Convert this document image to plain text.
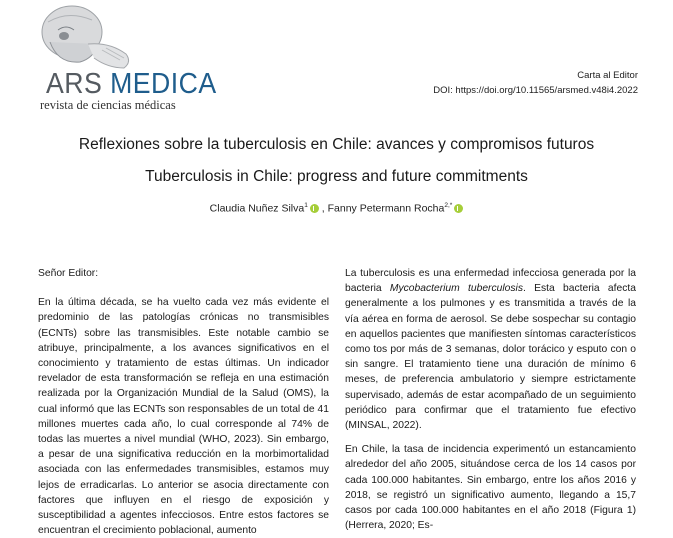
ARS MEDICA
revista de ciencias médicas
Carta al Editor
DOI: https://doi.org/10.11565/arsmed.v48i4.2022
Reflexiones sobre la tuberculosis en Chile: avances y compromisos futuros
Tuberculosis in Chile: progress and future commitments
Claudia Nuñez Silva$^1$ , Fanny Petermann Rocha$^{2,*}$

Señor Editor:

En la última década, se ha vuelto cada vez más evidente el predominio de las patologías crónicas no transmisibles (ECNTs) sobre las transmisibles. Este notable cambio se atribuye, principalmente, a los avances significativos en el conocimiento y tratamiento de estas últimas. Un indicador revelador de esta transformación se refleja en una estimación realizada por la Organización Mundial de la Salud (OMS), la cual informó que las ECNTs son responsables de un total de 41 millones muertes cada año, lo cual corresponde al 74% de todas las muertes a nivel mundial (WHO, 2023). Sin embargo, a pesar de una significativa reducción en la morbimortalidad asociada con las enfermedades transmisibles, estamos muy lejos de erradicarlas. Lo anterior se asocia directamente con factores que influyen en el riesgo de exposición y susceptibilidad a agentes infecciosos. Entre estos factores se encuentran el crecimiento poblacional, aumento

La tuberculosis es una enfermedad infecciosa generada por la bacteria Mycobacterium tuberculosis. Esta bacteria afecta generalmente a los pulmones y es transmitida a través de la vía aérea en forma de aerosol. Se debe sospechar su contagio en aquellos pacientes que manifiesten síntomas característicos como tos por más de 3 semanas, dolor torácico y esputo con o sin sangre. El tratamiento tiene una duración de mínimo 6 meses, de preferencia ambulatorio y siempre estrictamente supervisado, además de estar acompañado de un seguimiento periódico para confirmar que el tratamiento fue efectivo (MINSAL, 2022).

En Chile, la tasa de incidencia experimentó un estancamiento alrededor del año 2005, situándose cerca de los 14 casos por cada 100.000 habitantes. Sin embargo, entre los años 2016 y 2018, se registró un significativo aumento, llegando a 15,7 casos por cada 100.000 habitantes en el año 2018 (Figura 1) (Herrera, 2020; Es-
